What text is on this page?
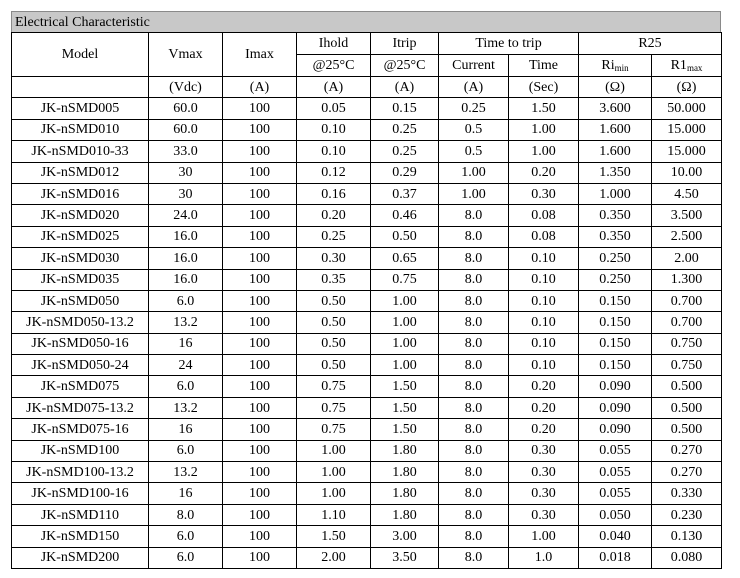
Electrical Characteristic
Model	Vmax	Imax	Ihold	Itrip	Time to trip		R25	
			@25°C	@25°C	Current	Time	Rimin	R1max
	(Vdc)	(A)	(A)	(A)	(A)	(Sec)	(Ω)	(Ω)
JK-nSMD005	60.0	100	0.05	0.15	0.25	1.50	3.600	50.000
JK-nSMD010	60.0	100	0.10	0.25	0.5	1.00	1.600	15.000
JK-nSMD010-33	33.0	100	0.10	0.25	0.5	1.00	1.600	15.000
JK-nSMD012	30	100	0.12	0.29	1.00	0.20	1.350	10.00
JK-nSMD016	30	100	0.16	0.37	1.00	0.30	1.000	4.50
JK-nSMD020	24.0	100	0.20	0.46	8.0	0.08	0.350	3.500
JK-nSMD025	16.0	100	0.25	0.50	8.0	0.08	0.350	2.500
JK-nSMD030	16.0	100	0.30	0.65	8.0	0.10	0.250	2.00
JK-nSMD035	16.0	100	0.35	0.75	8.0	0.10	0.250	1.300
JK-nSMD050	6.0	100	0.50	1.00	8.0	0.10	0.150	0.700
JK-nSMD050-13.2	13.2	100	0.50	1.00	8.0	0.10	0.150	0.700
JK-nSMD050-16	16	100	0.50	1.00	8.0	0.10	0.150	0.750
JK-nSMD050-24	24	100	0.50	1.00	8.0	0.10	0.150	0.750
JK-nSMD075	6.0	100	0.75	1.50	8.0	0.20	0.090	0.500
JK-nSMD075-13.2	13.2	100	0.75	1.50	8.0	0.20	0.090	0.500
JK-nSMD075-16	16	100	0.75	1.50	8.0	0.20	0.090	0.500
JK-nSMD100	6.0	100	1.00	1.80	8.0	0.30	0.055	0.270
JK-nSMD100-13.2	13.2	100	1.00	1.80	8.0	0.30	0.055	0.270
JK-nSMD100-16	16	100	1.00	1.80	8.0	0.30	0.055	0.330
JK-nSMD110	8.0	100	1.10	1.80	8.0	0.30	0.050	0.230
JK-nSMD150	6.0	100	1.50	3.00	8.0	1.00	0.040	0.130
JK-nSMD200	6.0	100	2.00	3.50	8.0	1.0	0.018	0.080
